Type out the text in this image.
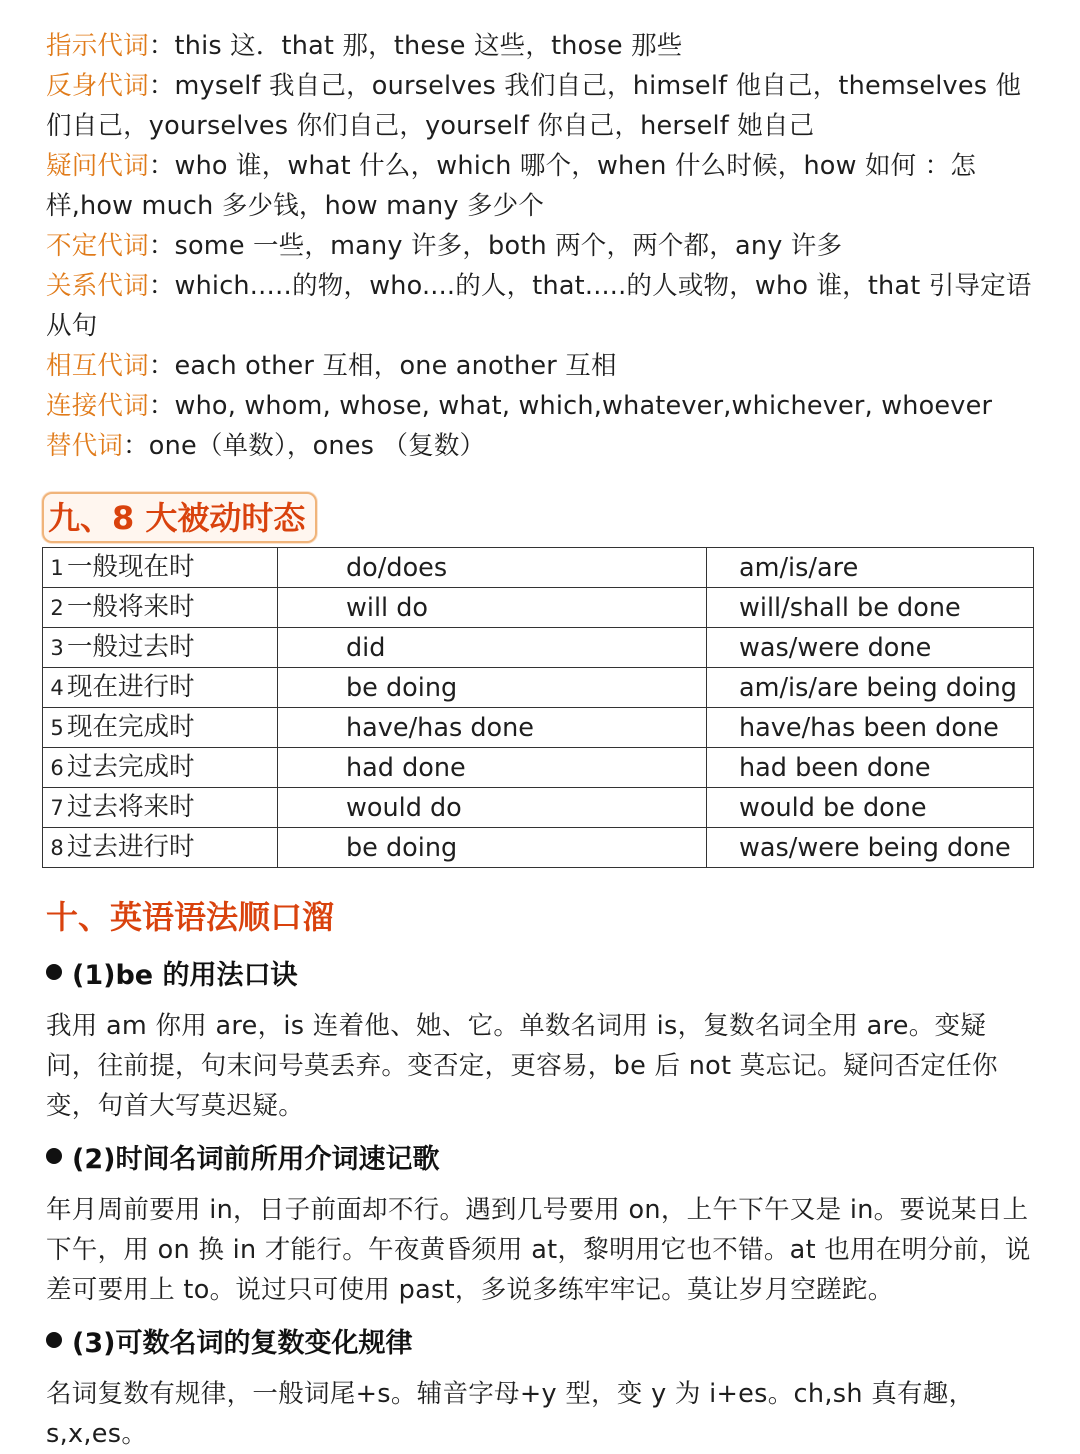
指示代词：this 这．that 那，these 这些，those 那些
反身代词：myself 我自己，ourselves 我们自己，himself 他自己，themselves 他们自己，yourselves 你们自己，yourself 你自己，herself 她自己
疑问代词：who 谁，what 什么，which 哪个，when 什么时候，how 如何 ：怎样,how much 多少钱，how many 多少个
不定代词：some 一些，many 许多，both 两个，两个都，any 许多
关系代词：which..…的物，who....的人，that.....的人或物，who 谁，that 引导定语从句
相互代词：each other 互相，one another 互相
连接代词：who, whom, whose, what, which,whatever,whichever, whoever
替代词：one（单数），ones （复数）
九、8 大被动时态
1 一般现在时	do/does	am/is/are
2 一般将来时	will do	will/shall be done
3 一般过去时	did	was/were done
4 现在进行时	be doing	am/is/are being doing
5 现在完成时	have/has done	have/has been done
6 过去完成时	had done	had been done
7 过去将来时	would do	would be done
8 过去进行时	be doing	was/were being done
十、英语语法顺口溜
(1)be 的用法口诀
我用 am 你用 are，is 连着他、她、它。单数名词用 is，复数名词全用 are。变疑问，往前提，句末问号莫丢弃。变否定，更容易，be 后 not 莫忘记。疑问否定任你变，句首大写莫迟疑。
(2)时间名词前所用介词速记歌
年月周前要用 in，日子前面却不行。遇到几号要用 on，上午下午又是 in。要说某日上下午，用 on 换 in 才能行。午夜黄昏须用 at，黎明用它也不错。at 也用在明分前，说差可要用上 to。说过只可使用 past，多说多练牢牢记。莫让岁月空蹉跎。
(3)可数名词的复数变化规律
名词复数有规律，一般词尾+s。辅音字母+y 型，变 y 为 i+es。ch,sh 真有趣，s,x,es。
